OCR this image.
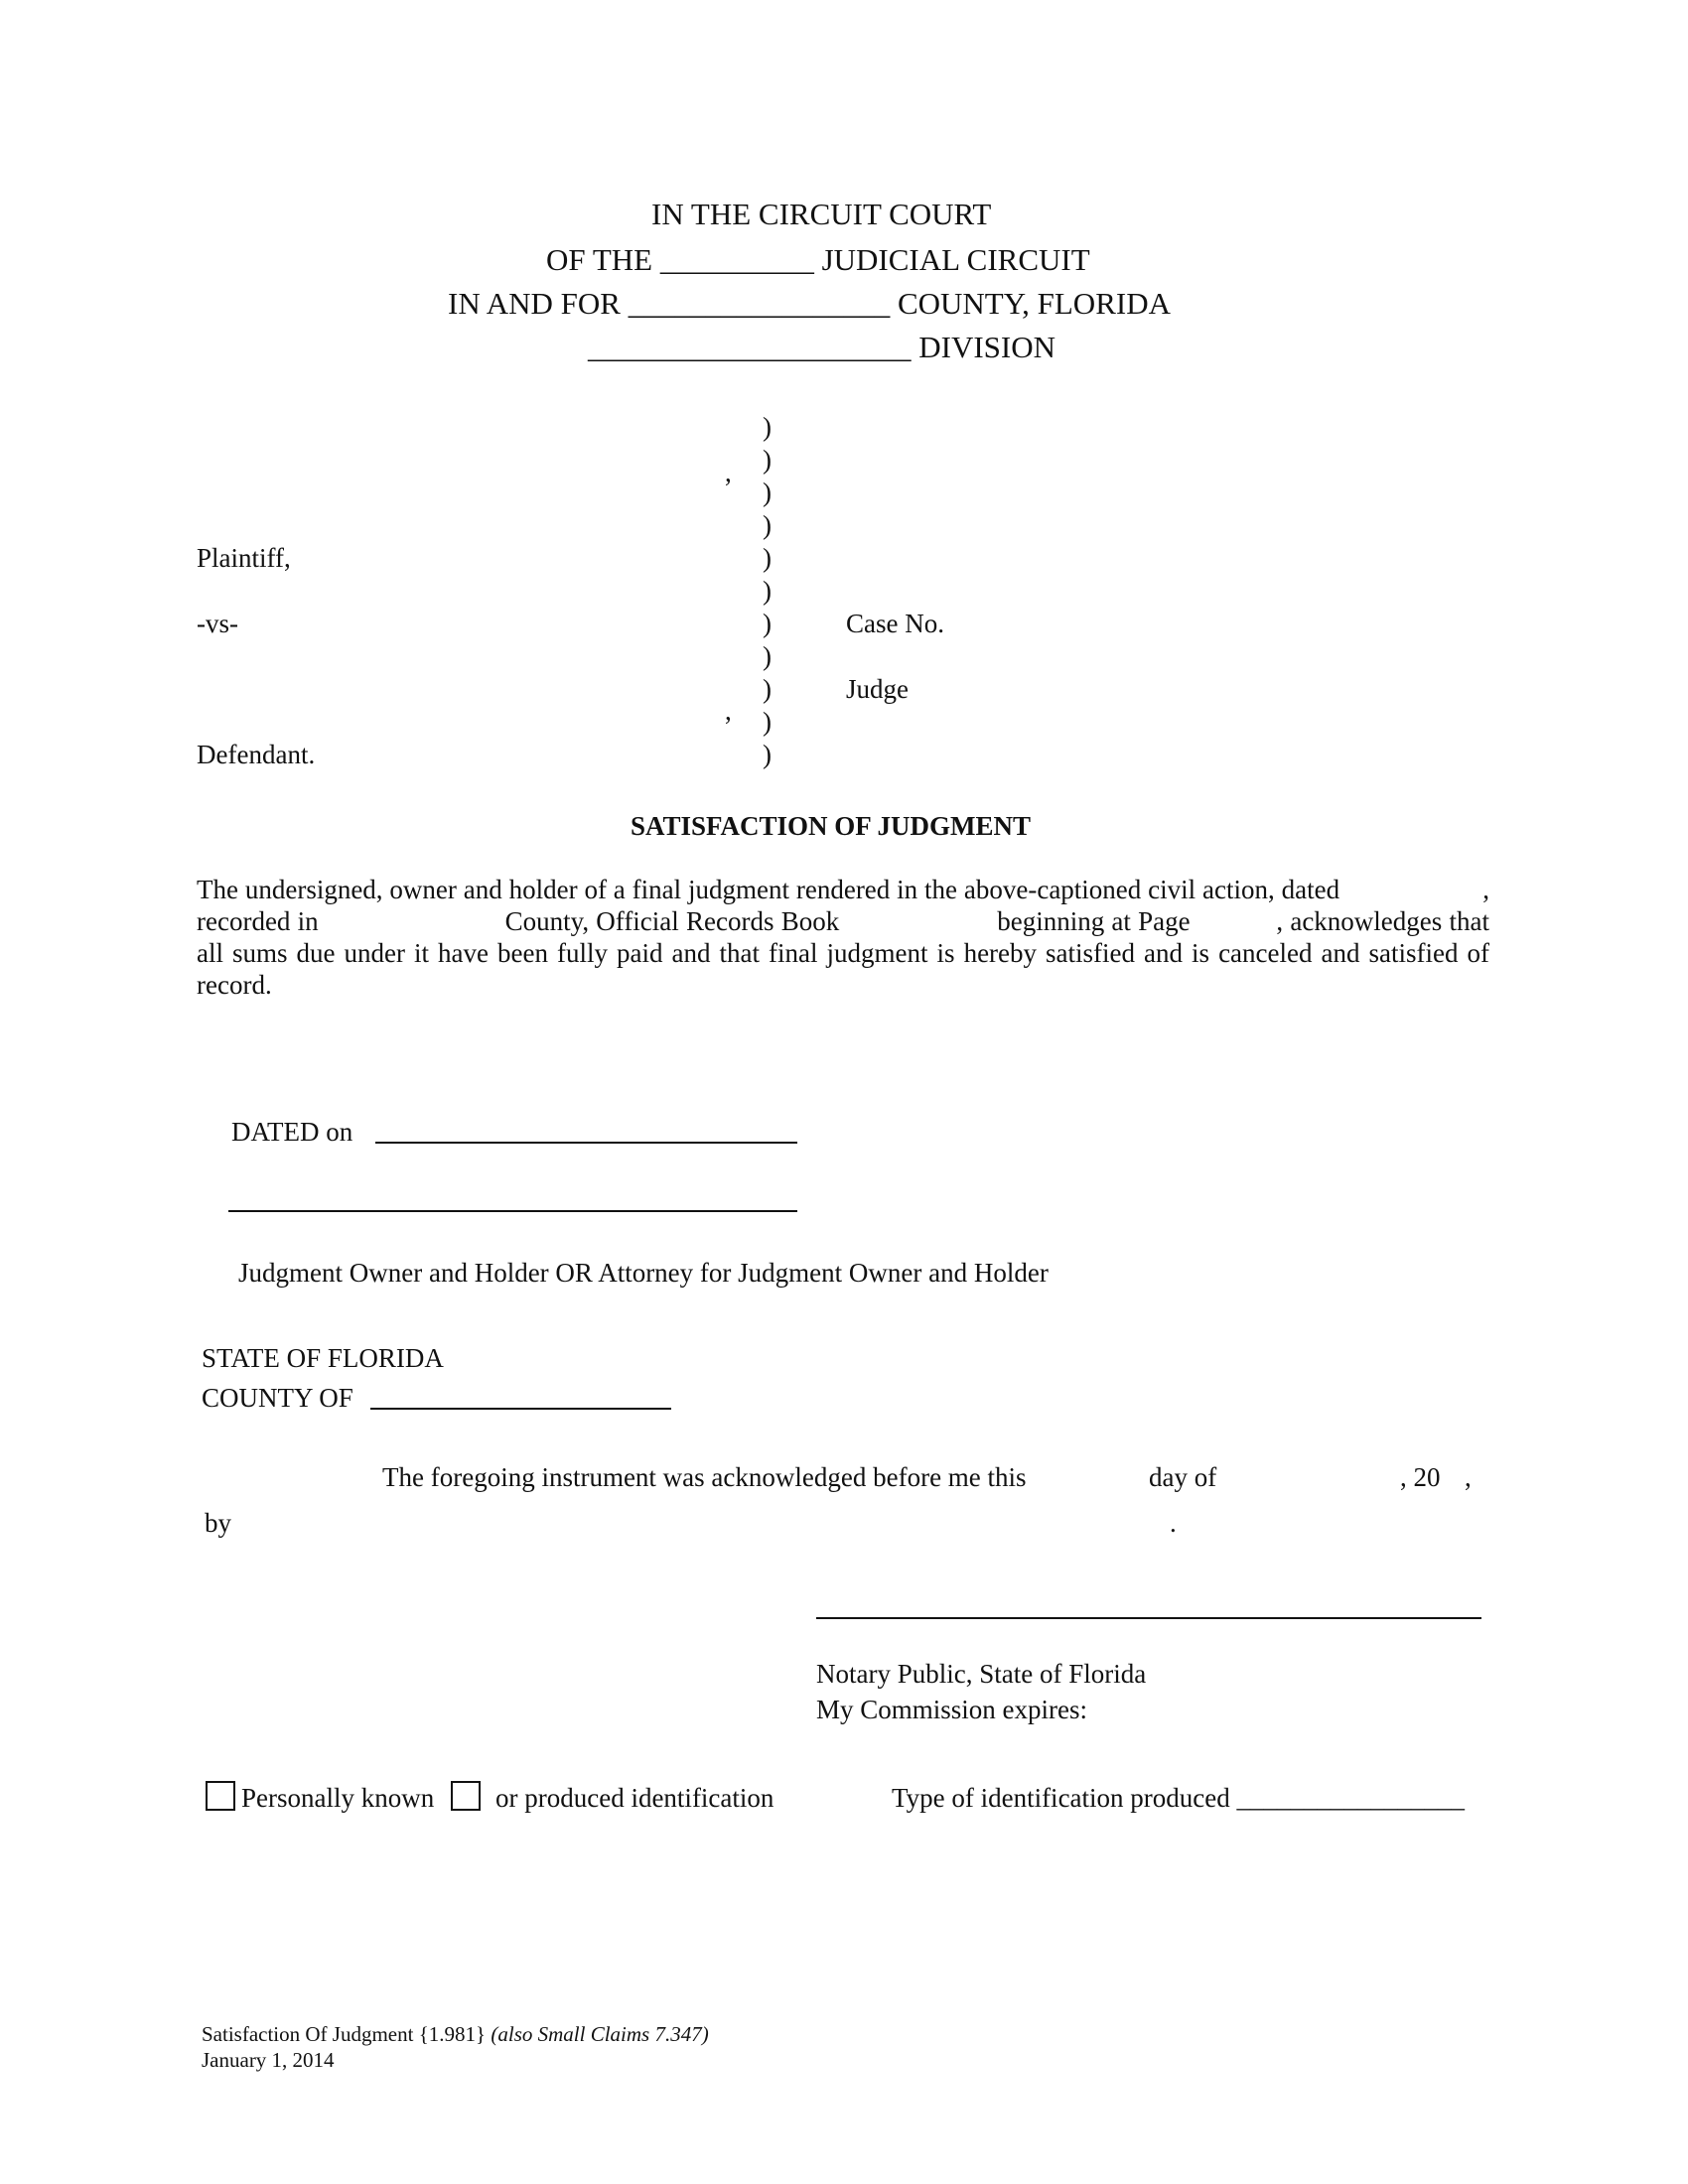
IN THE CIRCUIT COURT
OF THE __________ JUDICIAL CIRCUIT
IN AND FOR _________________ COUNTY, FLORIDA
_____________________ DIVISION
)
)
)
)
)
)
)
)
)
)
)
,
,
Plaintiff,
-vs-
Defendant.
Case No.
Judge
SATISFACTION OF JUDGMENT
The undersigned, owner and holder of a final judgment rendered in the above-captioned civil action, dated                     , recorded in                          County, Official Records Book                      beginning at Page            , acknowledges that all sums due under it have been fully paid and that final judgment is hereby satisfied and is canceled and satisfied of record.
DATED on
Judgment Owner and Holder OR Attorney for Judgment Owner and Holder
STATE OF FLORIDA
COUNTY OF
The foregoing instrument was acknowledged before me this	day of	, 20 ,
by	.
Notary Public, State of Florida
My Commission expires:
Personally known or produced identification	Type of identification produced _________________
Satisfaction Of Judgment {1.981} (also Small Claims 7.347)
January 1, 2014
